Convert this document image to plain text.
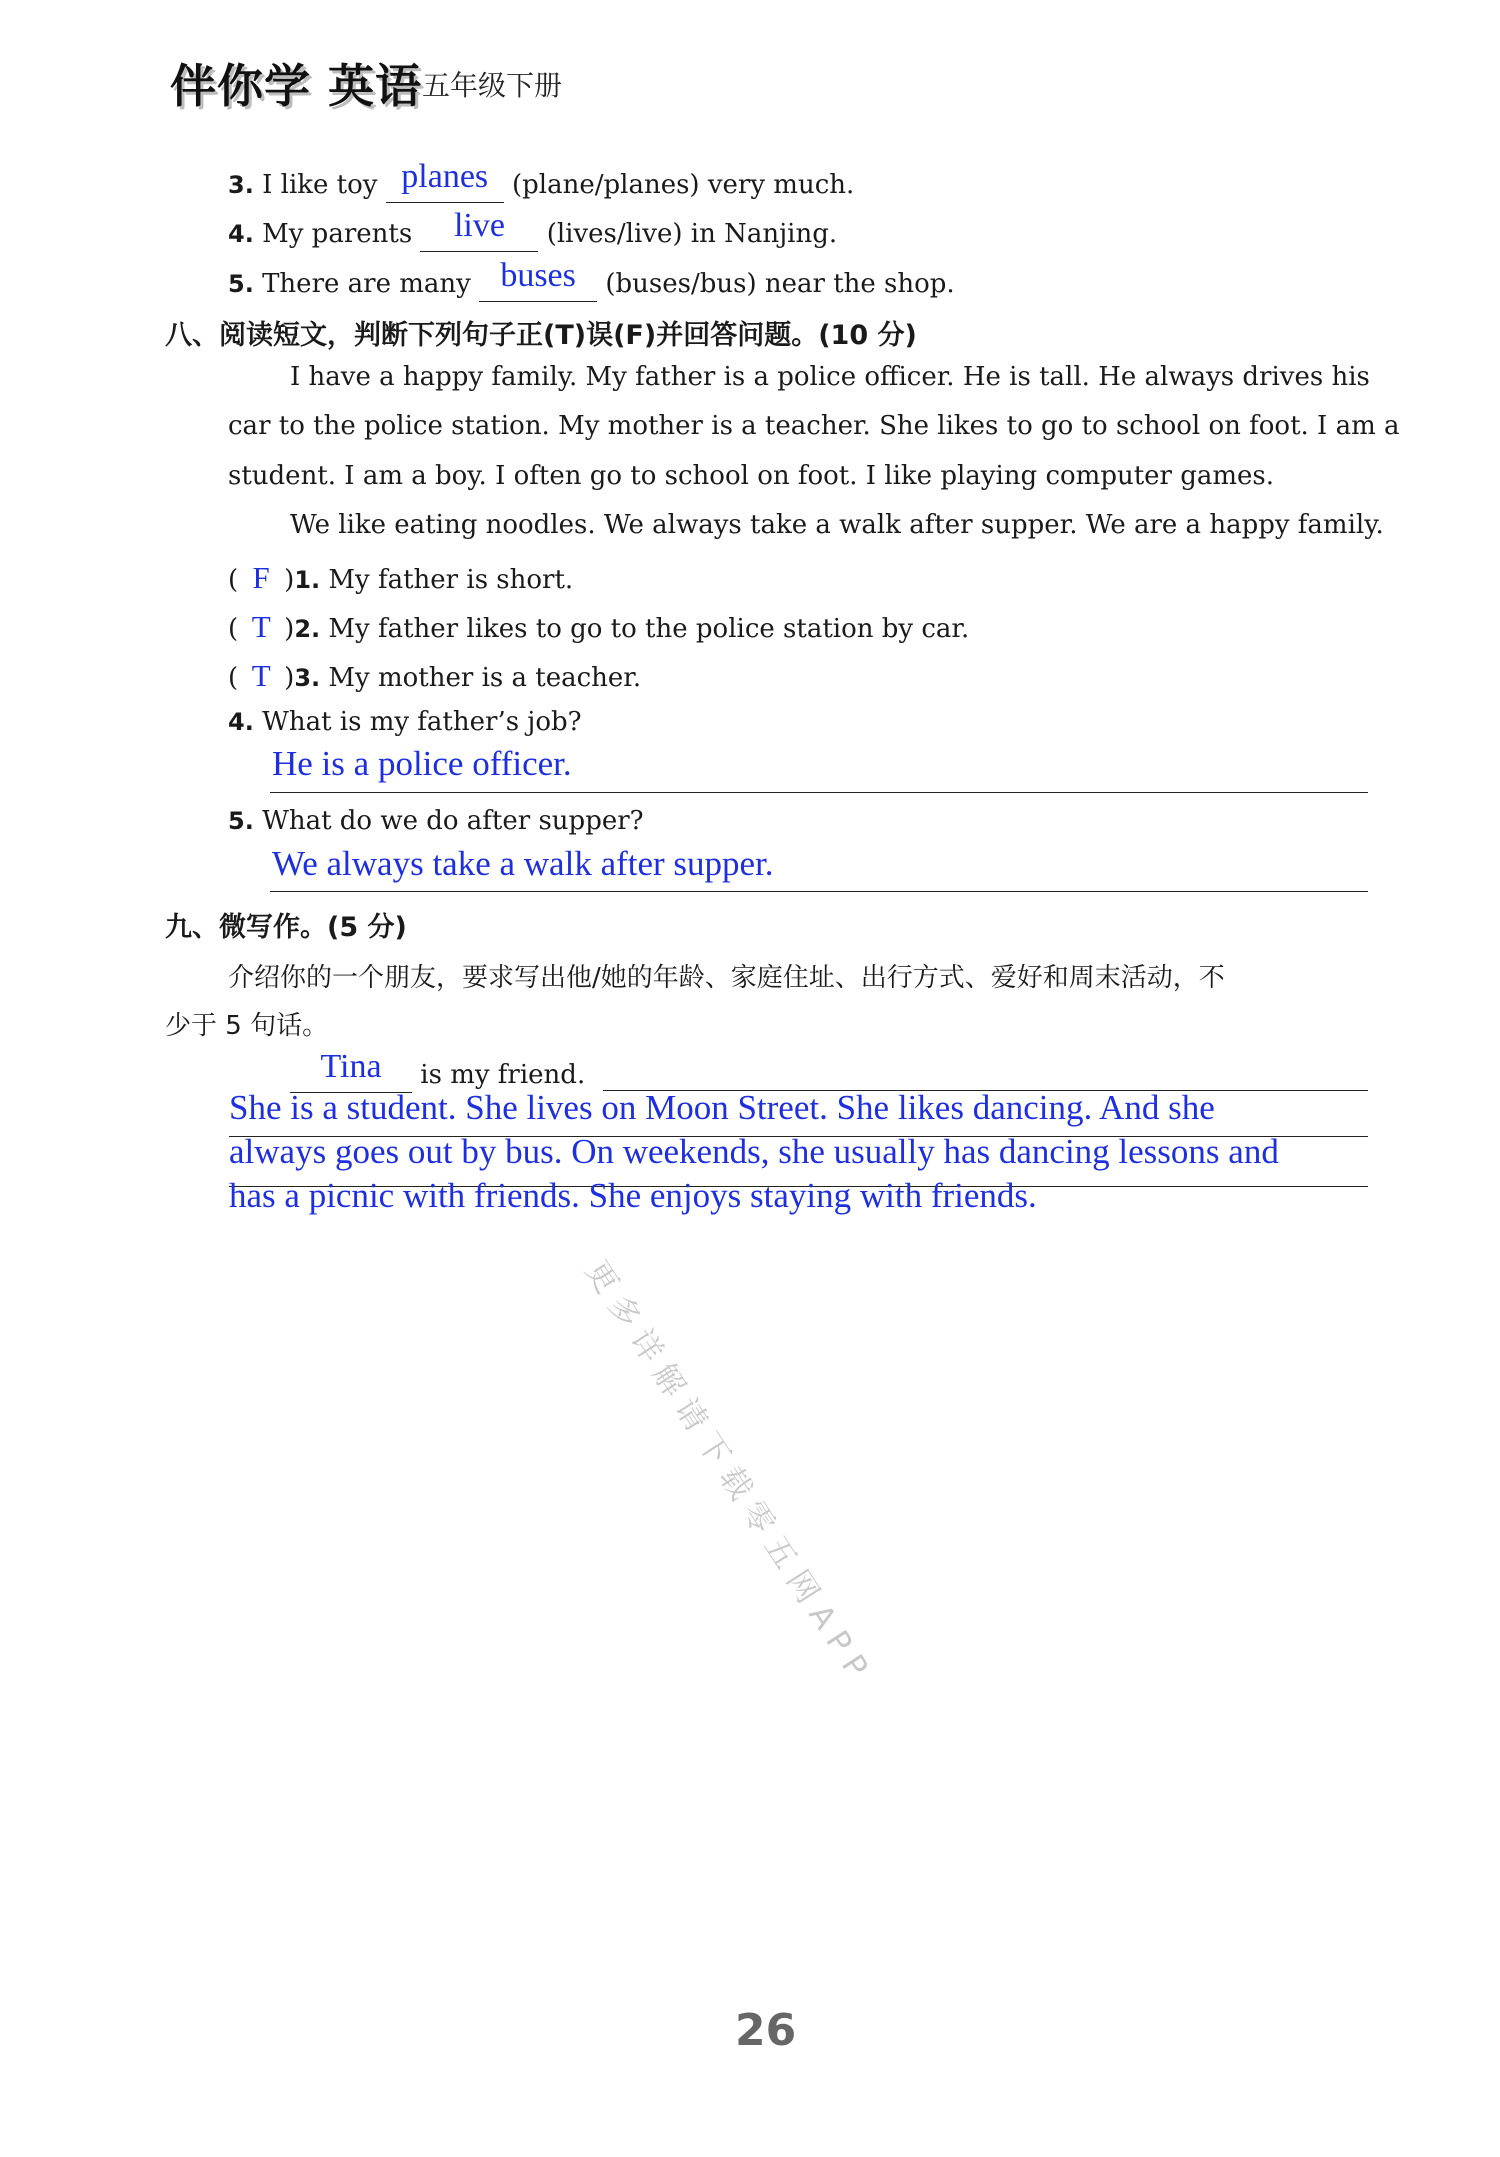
伴你学 英语 五年级下册
3. I like toy planes (plane/planes) very much.
4. My parents live (lives/live) in Nanjing.
5. There are many buses (buses/bus) near the shop.
八、阅读短文，判断下列句子正(T)误(F)并回答问题。(10 分)
I have a happy family. My father is a police officer. He is tall. He always drives his
car to the police station. My mother is a teacher. She likes to go to school on foot. I am a
student. I am a boy. I often go to school on foot. I like playing computer games.
We like eating noodles. We always take a walk after supper. We are a happy family.
( F )1. My father is short.
( T )2. My father likes to go to the police station by car.
( T )3. My mother is a teacher.
4. What is my father’s job?
He is a police officer.
5. What do we do after supper?
We always take a walk after supper.
九、微写作。(5 分)
介绍你的一个朋友，要求写出他/她的年龄、家庭住址、出行方式、爱好和周末活动，不
少于 5 句话。
Tina is my friend.
She is a student. She lives on Moon Street. She likes dancing. And she
always goes out by bus. On weekends, she usually has dancing lessons and
has a picnic with friends. She enjoys staying with friends.
更多详解请下载零五网APP
26
